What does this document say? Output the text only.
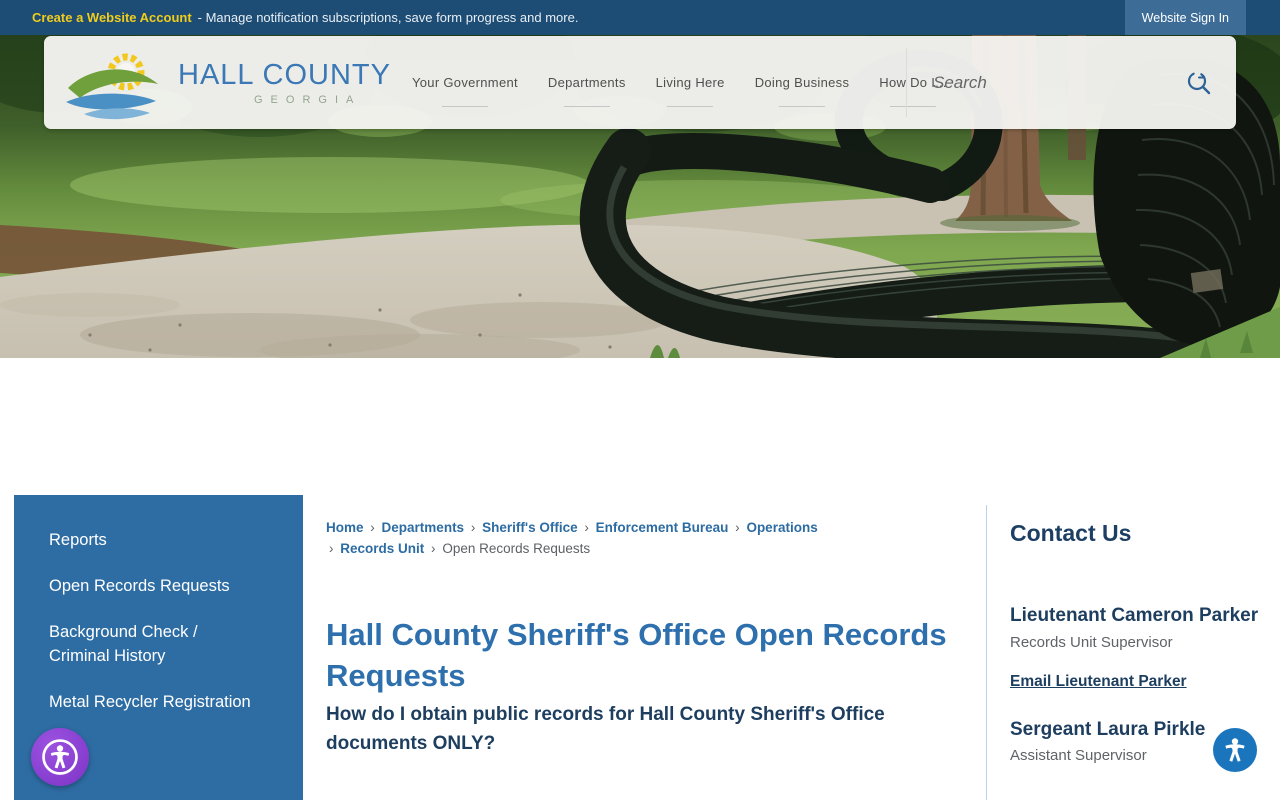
Create a Website Account - Manage notification subscriptions, save form progress and more.	Website Sign In
HALL COUNTY
GEORGIA
Your Government Departments Living Here Doing Business How Do I...
Search
Reports
Open Records Requests
Background Check / Criminal History
Metal Recycler Registration
Home › Departments › Sheriff's Office › Enforcement Bureau › Operations › Records Unit › Open Records Requests
Hall County Sheriff's Office Open Records Requests
How do I obtain public records for Hall County Sheriff's Office documents ONLY?
Contact Us
Lieutenant Cameron Parker
Records Unit Supervisor
Email Lieutenant Parker
Sergeant Laura Pirkle
Assistant Supervisor
